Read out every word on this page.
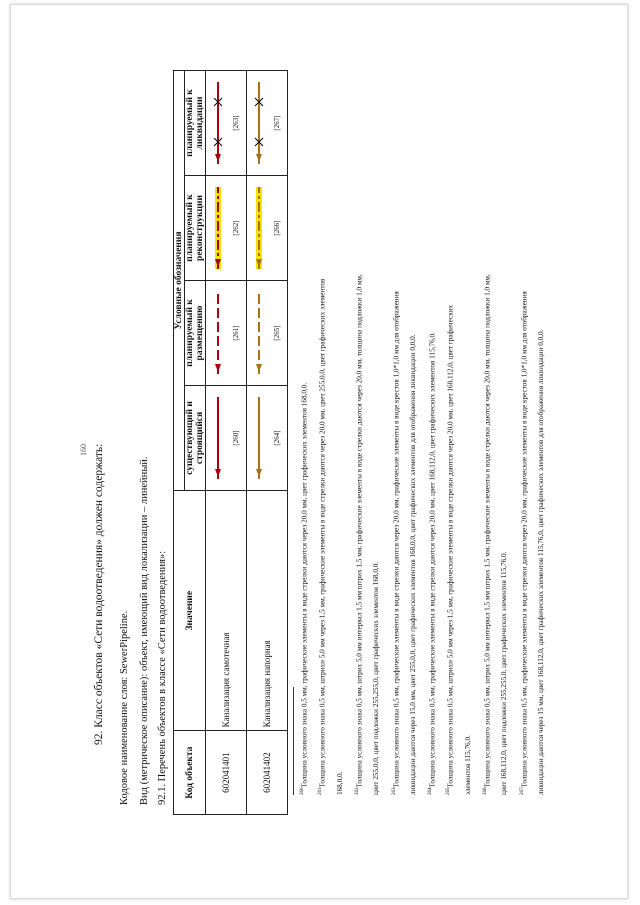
160 92. Класс объектов «Сети водоотведения» должен содержать: Кодовое наименование слоя: SewerPipeline. Вид (метрическое описание): объект, имеющий вид локализации – линейный. 92.1. Перечень объектов в классе «Сети водоотведения»: Код объекта	Значение	Условные обозначения			
		существующий и строящийся	планируемый к размещению	планируемый к реконструкции	планируемый к ликвидации
602041401	Канализация самотечная	[260]	[261]	[262]	[263]

602041402	Канализация напорная	[264]	[265]	[266]	[267]
$^{260}$Толщина условного знака 0,5 мм, графические элементы в виде стрелки даются через 20,0 мм, цвет графических элементов 168,0,0.
$^{261}$Толщина условного знака 0,5 мм, штрихи 5,0 мм через 1,5 мм, графические элементы в виде стрелки даются через 20,0 мм, цвет 255,0,0, цвет графических элементов 168,0,0. $^{262}$Толщина условного знака 0,5 мм, штрих 5,0 мм интервал 1,5 мм штрих 1,5 мм, графические элементы в виде стрелки даются через 20,0 мм, толщина подложки 1,0 мм, цвет 255,0,0, цвет подложки 255,255,0, цвет графических элементов 168,0,0. $^{263}$Толщина условного знака 0,5 мм, графические элементы в виде стрелки даются через 20,0 мм, графические элементы в виде крестов 1,0*1,0 мм для отображения ликвидации даются через 15,0 мм, цвет 255,0,0, цвет графических элементов 168,0,0, цвет графических элементов для отображения ликвидации 0,0,0. $^{264}$Толщина условного знака 0,5 мм, графические элементы в виде стрелки даются через 20,0 мм, цвет 168,112,0, цвет графических элементов 115,76,0.
$^{265}$Толщина условного знака 0,5 мм, штрихи 5,0 мм через 1,5 мм, графические элементы в виде стрелки даются через 20,0 мм, цвет 168,112,0, цвет графических элементов 115,76,0. $^{266}$Толщина условного знака 0,5 мм, штрих 5,0 мм интервал 1,5 мм штрих 1,5 мм, графические элементы в виде стрелки даются через 20,0 мм, толщина подложки 1,0 мм, цвет 168,112,0, цвет подложки 255,255,0, цвет графических элементов 115,76,0. $^{267}$Толщина условного знака 0,5 мм, графические элементы в виде стрелки даются через 20,0 мм, графические элементы в виде крестов 1,0*1,0 мм для отображения ликвидации даются через 15 мм, цвет 168,112,0, цвет графических элементов 115,76,0, цвет графических элементов для отображения ликвидации 0,0,0.
